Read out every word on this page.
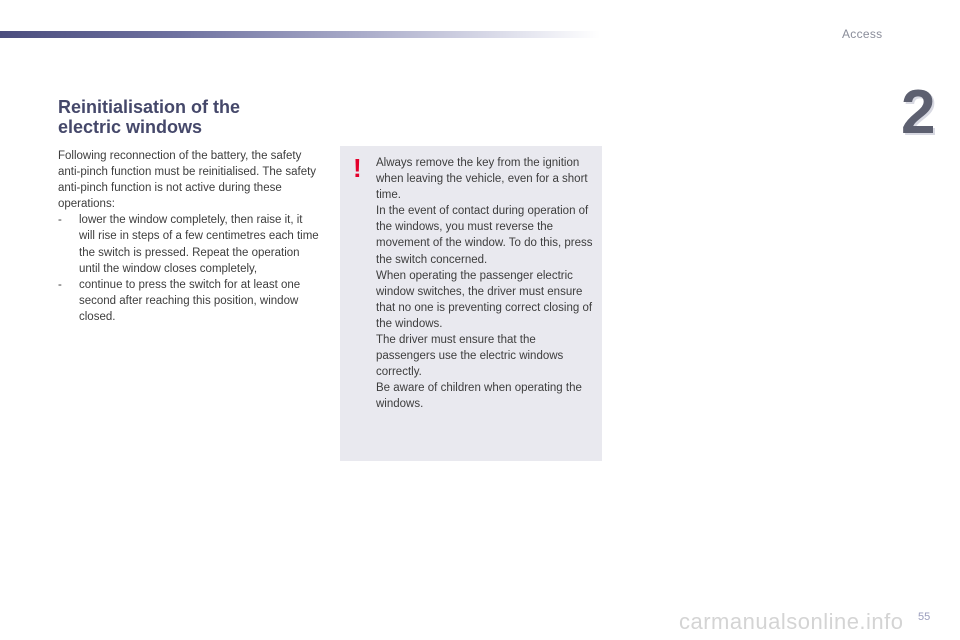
Access
2
Reinitialisation of the
electric windows

Following reconnection of the battery, the safety anti-pinch function must be reinitialised. The safety anti-pinch function is not active during these operations:

- lower the window completely, then raise it, it will rise in steps of a few centimetres each time the switch is pressed. Repeat the operation until the window closes completely,
- continue to press the switch for at least one second after reaching this position, window closed.
! Always remove the key from the ignition when leaving the vehicle, even for a short time.

In the event of contact during operation of the windows, you must reverse the movement of the window. To do this, press the switch concerned.

When operating the passenger electric window switches, the driver must ensure that no one is preventing correct closing of the windows.

The driver must ensure that the passengers use the electric windows correctly.

Be aware of children when operating the windows.

carmanualsonline.info 55
